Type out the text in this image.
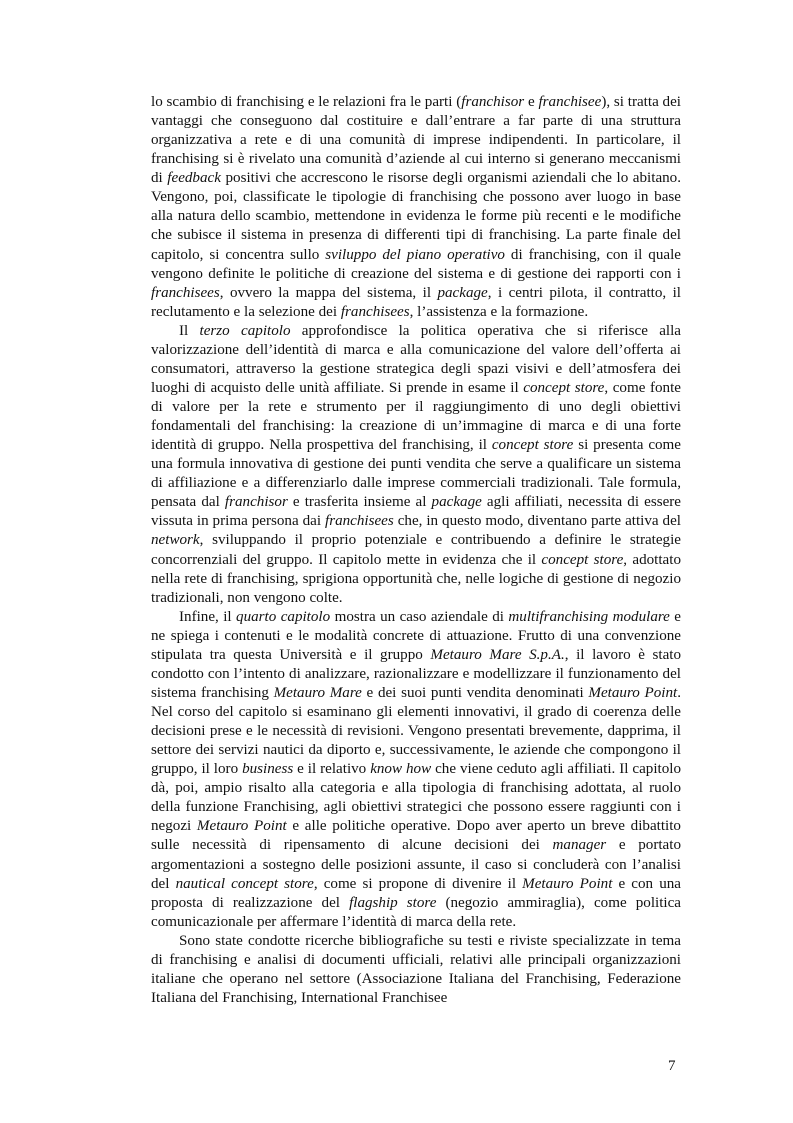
lo scambio di franchising e le relazioni fra le parti (franchisor e franchisee), si tratta dei vantaggi che conseguono dal costituire e dall’entrare a far parte di una struttura organizzativa a rete e di una comunità di imprese indipendenti. In particolare, il franchising si è rivelato una comunità d’aziende al cui interno si generano meccanismi di feedback positivi che accrescono le risorse degli organismi aziendali che lo abitano. Vengono, poi, classificate le tipologie di franchising che possono aver luogo in base alla natura dello scambio, mettendone in evidenza le forme più recenti e le modifiche che subisce il sistema in presenza di differenti tipi di franchising. La parte finale del capitolo, si concentra sullo sviluppo del piano operativo di franchising, con il quale vengono definite le politiche di creazione del sistema e di gestione dei rapporti con i franchisees, ovvero la mappa del sistema, il package, i centri pilota, il contratto, il reclutamento e la selezione dei franchisees, l’assistenza e la formazione.

Il terzo capitolo approfondisce la politica operativa che si riferisce alla valorizzazione dell’identità di marca e alla comunicazione del valore dell’offerta ai consumatori, attraverso la gestione strategica degli spazi visivi e dell’atmosfera dei luoghi di acquisto delle unità affiliate. Si prende in esame il concept store, come fonte di valore per la rete e strumento per il raggiungimento di uno degli obiettivi fondamentali del franchising: la creazione di un’immagine di marca e di una forte identità di gruppo. Nella prospettiva del franchising, il concept store si presenta come una formula innovativa di gestione dei punti vendita che serve a qualificare un sistema di affiliazione e a differenziarlo dalle imprese commerciali tradizionali. Tale formula, pensata dal franchisor e trasferita insieme al package agli affiliati, necessita di essere vissuta in prima persona dai franchisees che, in questo modo, diventano parte attiva del network, sviluppando il proprio potenziale e contribuendo a definire le strategie concorrenziali del gruppo. Il capitolo mette in evidenza che il concept store, adottato nella rete di franchising, sprigiona opportunità che, nelle logiche di gestione di negozio tradizionali, non vengono colte.

Infine, il quarto capitolo mostra un caso aziendale di multifranchising modulare e ne spiega i contenuti e le modalità concrete di attuazione. Frutto di una convenzione stipulata tra questa Università e il gruppo Metauro Mare S.p.A., il lavoro è stato condotto con l’intento di analizzare, razionalizzare e modellizzare il funzionamento del sistema franchising Metauro Mare e dei suoi punti vendita denominati Metauro Point. Nel corso del capitolo si esaminano gli elementi innovativi, il grado di coerenza delle decisioni prese e le necessità di revisioni. Vengono presentati brevemente, dapprima, il settore dei servizi nautici da diporto e, successivamente, le aziende che compongono il gruppo, il loro business e il relativo know how che viene ceduto agli affiliati. Il capitolo dà, poi, ampio risalto alla categoria e alla tipologia di franchising adottata, al ruolo della funzione Franchising, agli obiettivi strategici che possono essere raggiunti con i negozi Metauro Point e alle politiche operative. Dopo aver aperto un breve dibattito sulle necessità di ripensamento di alcune decisioni dei manager e portato argomentazioni a sostegno delle posizioni assunte, il caso si concluderà con l’analisi del nautical concept store, come si propone di divenire il Metauro Point e con una proposta di realizzazione del flagship store (negozio ammiraglia), come politica comunicazionale per affermare l’identità di marca della rete.

Sono state condotte ricerche bibliografiche su testi e riviste specializzate in tema di franchising e analisi di documenti ufficiali, relativi alle principali organizzazioni italiane che operano nel settore (Associazione Italiana del Franchising, Federazione Italiana del Franchising, International Franchisee

7
